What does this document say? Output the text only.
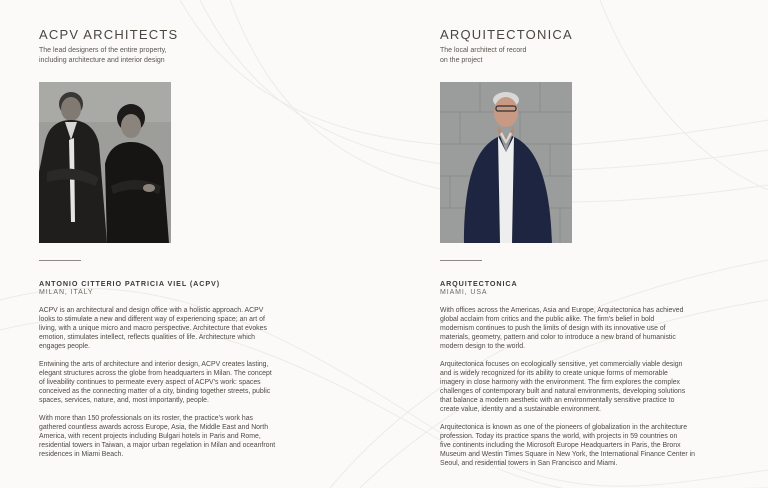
ACPV ARCHITECTS
The lead designers of the entire property,
including architecture and interior design
ANTONIO CITTERIO PATRICIA VIEL (ACPV)
MILAN, ITALY

ACPV is an architectural and design office with a holistic approach. ACPV
looks to stimulate a new and different way of experiencing space; an art of
living, with a unique micro and macro perspective. Architecture that evokes
emotion, stimulates intellect, reflects qualities of life. Architecture which
engages people.

Entwining the arts of architecture and interior design, ACPV creates lasting,
elegant structures across the globe from headquarters in Milan. The concept
of liveability continues to permeate every aspect of ACPV’s work: spaces
conceived as the connecting matter of a city, binding together streets, public
spaces, services, nature, and, most importantly, people.

With more than 150 professionals on its roster, the practice’s work has
gathered countless awards across Europe, Asia, the Middle East and North
America, with recent projects including Bulgari hotels in Paris and Rome,
residential towers in Taiwan, a major urban regelation in Milan and oceanfront
residences in Miami Beach.

ARQUITECTONICA
The local architect of record
on the project
ARQUITECTONICA
MIAMI, USA

With offices across the Americas, Asia and Europe, Arquitectonica has achieved
global acclaim from critics and the public alike. The firm’s belief in bold
modernism continues to push the limits of design with its innovative use of
materials, geometry, pattern and color to introduce a new brand of humanistic
modern design to the world.

Arquitectonica focuses on ecologically sensitive, yet commercially viable design
and is widely recognized for its ability to create unique forms of memorable
imagery in close harmony with the environment. The firm explores the complex
challenges of contemporary built and natural environments, developing solutions
that balance a modern aesthetic with an environmentally sensitive practice to
create value, identity and a sustainable environment.

Arquitectonica is known as one of the pioneers of globalization in the architecture
profession. Today its practice spans the world, with projects in 59 countries on
five continents including the Microsoft Europe Headquarters in Paris, the Bronx
Museum and Westin Times Square in New York, the International Finance Center in
Seoul, and residential towers in San Francisco and Miami.
